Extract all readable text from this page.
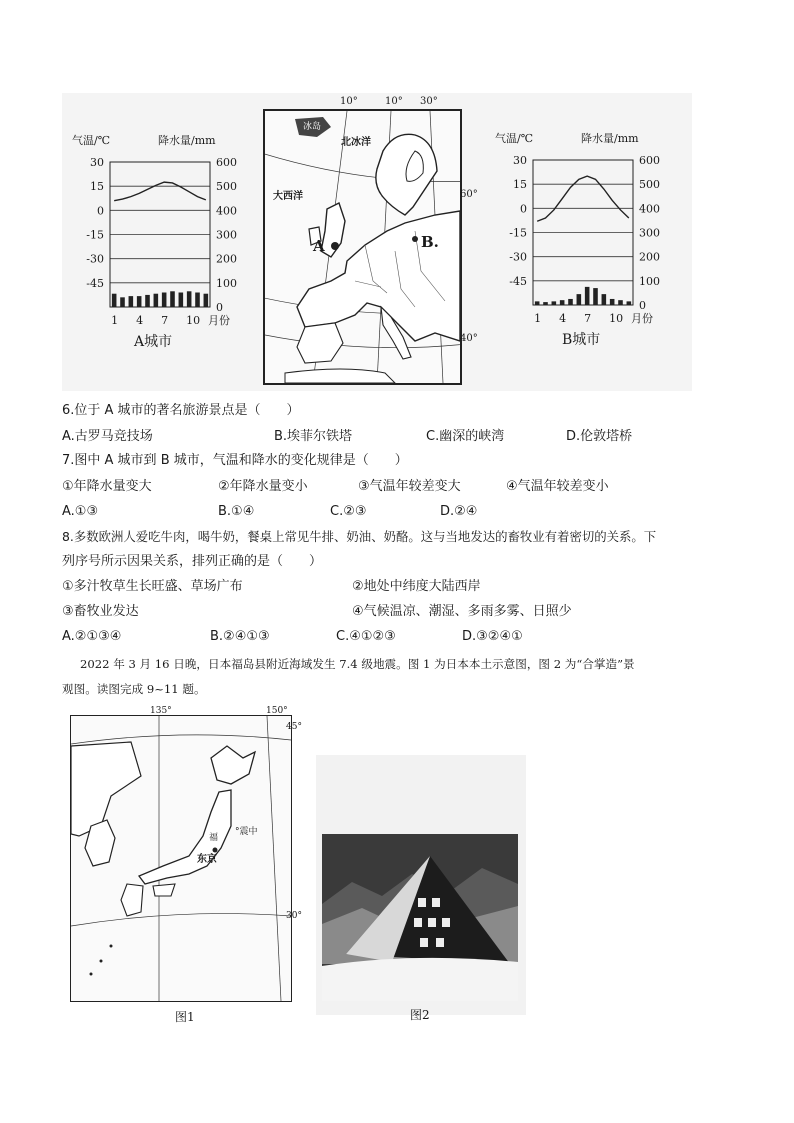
气温/℃	降水量/mm
30
15
0
-15
-30
-45
600
500
400
300
200
100
0
1 4 7 10 月份
A城市
冰岛
北冰洋
大西洋
A	B.
10°	10° 30°
60°
40°
气温/℃	降水量/mm
30
15
0
-15
-30
-45
600
500
400
300
200
100
0
1 4 7 10 月份
B城市
6.位于 A 城市的著名旅游景点是（　　）
A.古罗马竞技场	B.埃菲尔铁塔	C.幽深的峡湾	D.伦敦塔桥
7.图中 A 城市到 B 城市，气温和降水的变化规律是（　　）
①年降水量变大	②年降水量变小	③气温年较差变大	④气温年较差变小
A.①③	B.①④	C.②③	D.②④
8.多数欧洲人爱吃牛肉，喝牛奶，餐桌上常见牛排、奶油、奶酪。这与当地发达的畜牧业有着密切的关系。下
列序号所示因果关系，排列正确的是（　　）
①多汁牧草生长旺盛、草场广布	②地处中纬度大陆西岸
③畜牧业发达	④气候温凉、潮湿、多雨多雾、日照少
A.②①③④	B.②④①③	C.④①②③	D.③②④①
2022 年 3 月 16 日晚，日本福岛县附近海域发生 7.4 级地震。图 1 为日本本土示意图，图 2 为“合掌造”景
观图。读图完成 9~11 题。
福
°震中
东京
135°	150°
45°
30°
图1	图2
